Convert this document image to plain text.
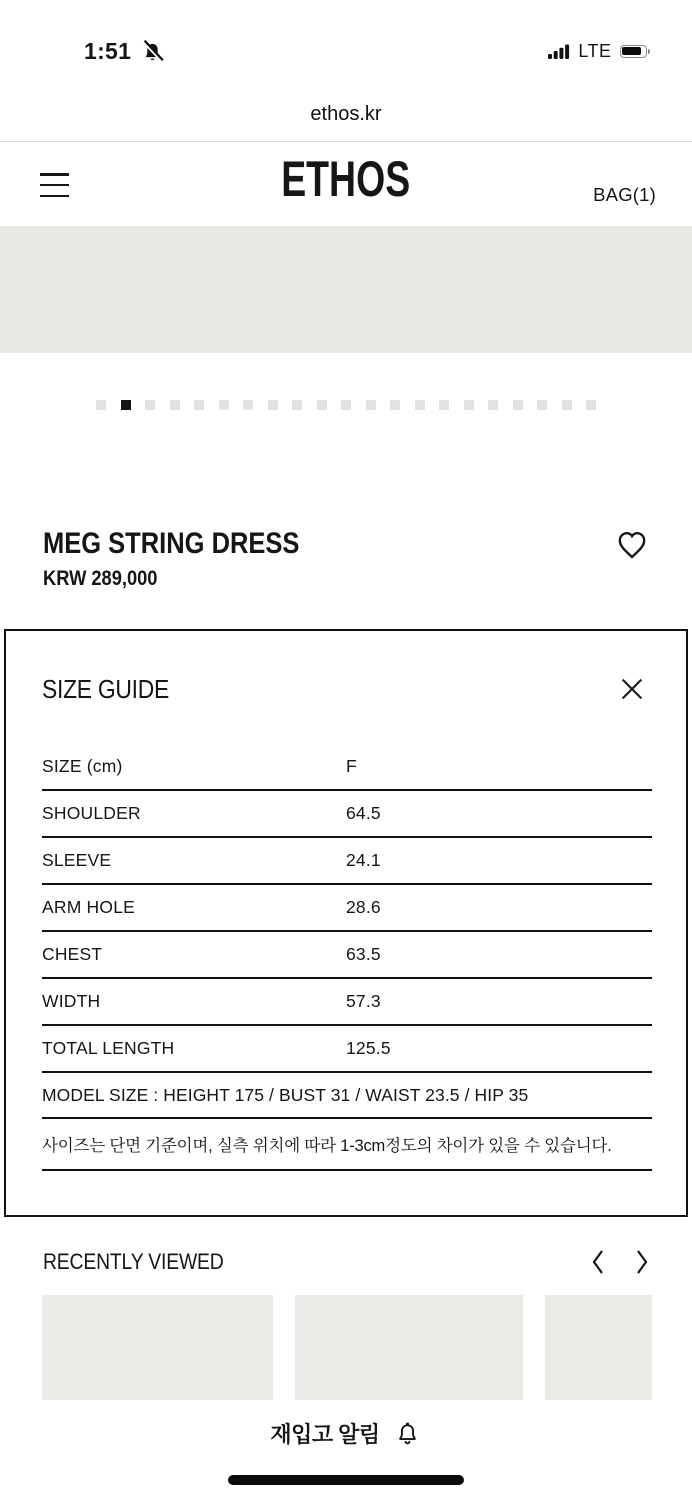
1:51	LTE
ethos.kr
ETHOS	BAG(1)
MEG STRING DRESS
KRW 289,000
SIZE GUIDE
SIZE (cm)	F
SHOULDER	64.5
SLEEVE	24.1
ARM HOLE	28.6
CHEST	63.5
WIDTH	57.3
TOTAL LENGTH	125.5
MODEL SIZE : HEIGHT 175 / BUST 31 / WAIST 23.5 / HIP 35
사이즈는 단면 기준이며, 실측 위치에 따라 1-3cm정도의 차이가 있을 수 있습니다.
RECENTLY VIEWED
재입고 알림
